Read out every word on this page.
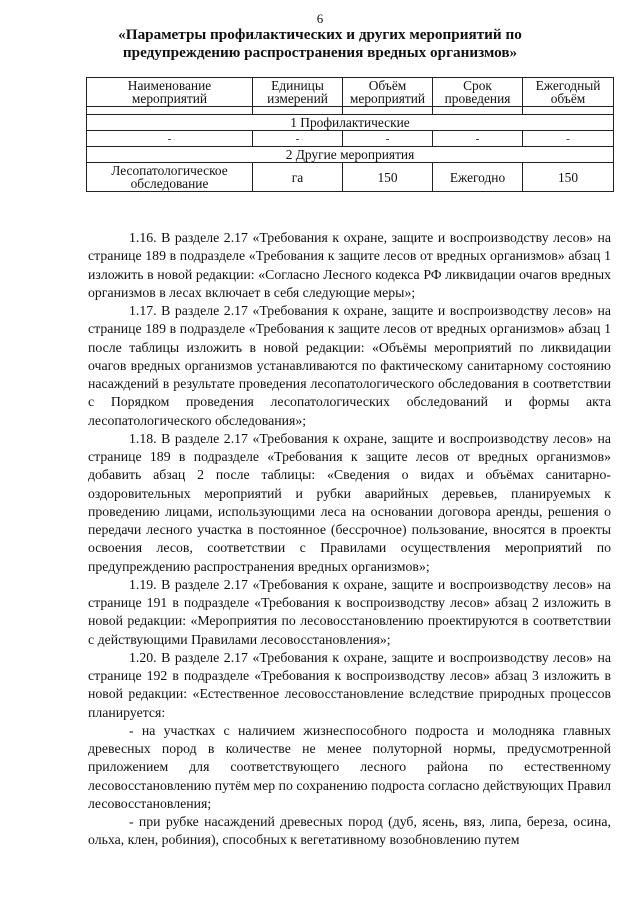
6
«Параметры профилактических и других мероприятий по предупреждению распространения вредных организмов»
Наименование мероприятий	Единицы измерений	Объём мероприятий	Срок проведения	Ежегодный объём

1 Профилактические				
-	-	-	-	-
2 Другие мероприятия				
Лесопатологическое обследование	га	150	Ежегодно	150

1.16. В разделе 2.17 «Требования к охране, защите и воспроизводству лесов» на странице 189 в подразделе «Требования к защите лесов от вредных организмов» абзац 1 изложить в новой редакции: «Согласно Лесного кодекса РФ ликвидации очагов вредных организмов в лесах включает в себя следующие меры»;

1.17. В разделе 2.17 «Требования к охране, защите и воспроизводству лесов» на странице 189 в подразделе «Требования к защите лесов от вредных организмов» абзац 1 после таблицы изложить в новой редакции: «Объёмы мероприятий по ликвидации очагов вредных организмов устанавливаются по фактическому санитарному состоянию насаждений в результате проведения лесопатологического обследования в соответствии с Порядком проведения лесопатологических обследований и формы акта лесопатологического обследования»;

1.18. В разделе 2.17 «Требования к охране, защите и воспроизводству лесов» на странице 189 в подразделе «Требования к защите лесов от вредных организмов» добавить абзац 2 после таблицы: «Сведения о видах и объёмах санитарно-оздоровительных мероприятий и рубки аварийных деревьев, планируемых к проведению лицами, использующими леса на основании договора аренды, решения о передачи лесного участка в постоянное (бессрочное) пользование, вносятся в проекты освоения лесов, соответствии с Правилами осуществления мероприятий по предупреждению распространения вредных организмов»;

1.19. В разделе 2.17 «Требования к охране, защите и воспроизводству лесов» на странице 191 в подразделе «Требования к воспроизводству лесов» абзац 2 изложить в новой редакции: «Мероприятия по лесовосстановлению проектируются в соответствии с действующими Правилами лесовосстановления»;

1.20. В разделе 2.17 «Требования к охране, защите и воспроизводству лесов» на странице 192 в подразделе «Требования к воспроизводству лесов» абзац 3 изложить в новой редакции: «Естественное лесовосстановление вследствие природных процессов планируется:

- на участках с наличием жизнеспособного подроста и молодняка главных древесных пород в количестве не менее полуторной нормы, предусмотренной приложением для соответствующего лесного района по естественному лесовосстановлению путём мер по сохранению подроста согласно действующих Правил лесовосстановления;

- при рубке насаждений древесных пород (дуб, ясень, вяз, липа, береза, осина, ольха, клен, робиния), способных к вегетативному возобновлению путем
